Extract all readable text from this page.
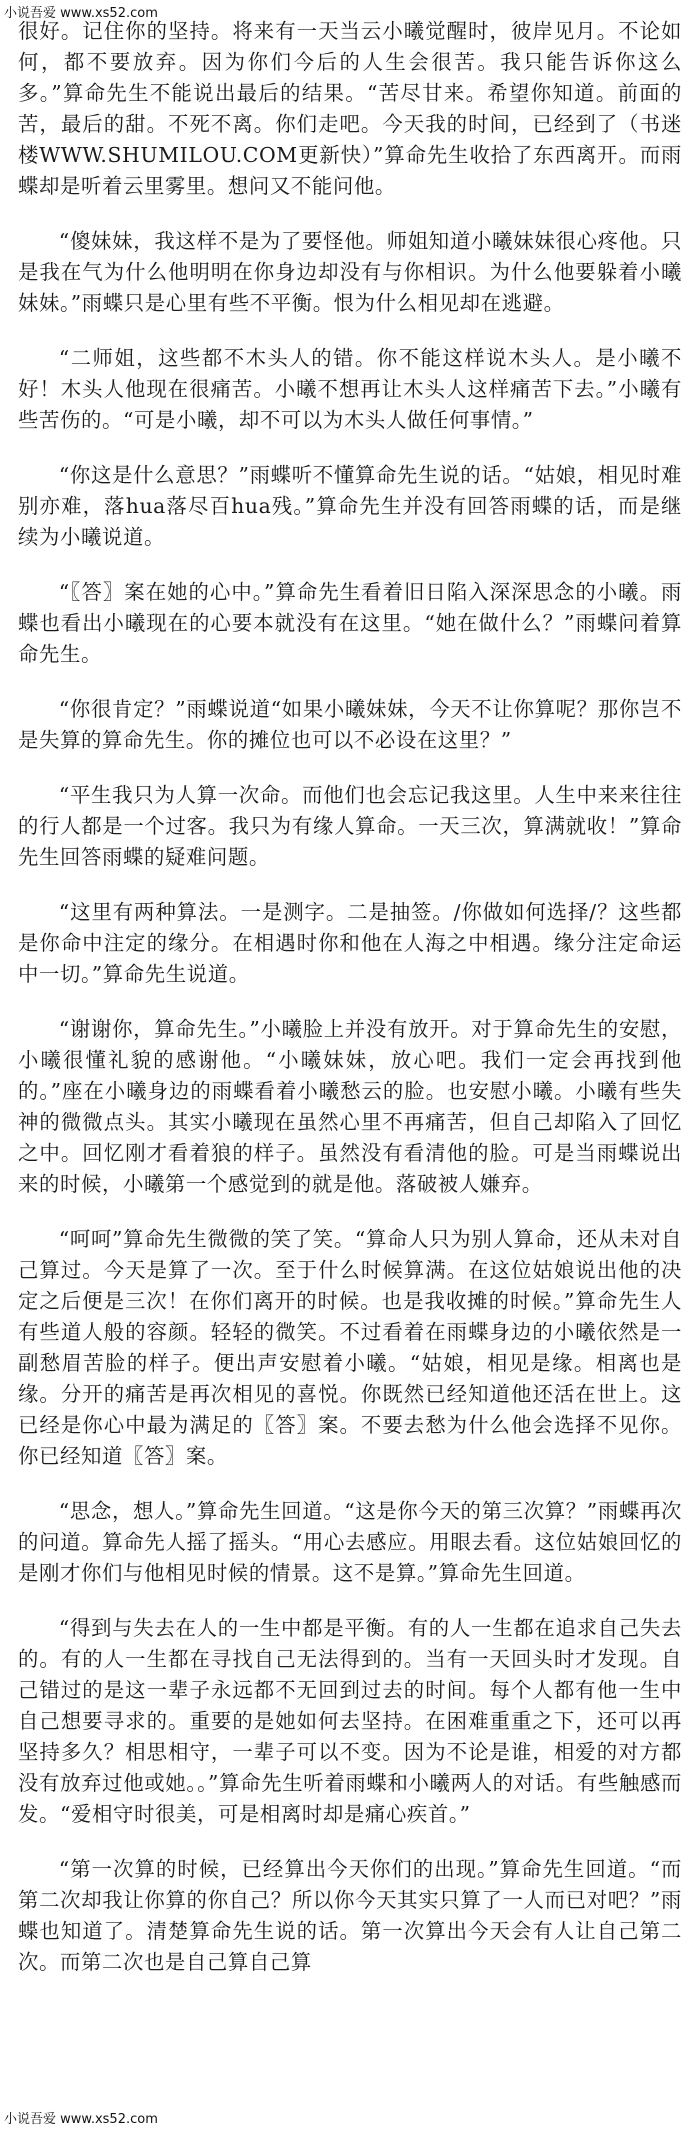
小说吾爱 www.xs52.com

很好。记住你的坚持。将来有一天当云小曦觉醒时，彼岸见月。不论如何，都不要放弃。因为你们今后的人生会很苦。我只能告诉你这么多。”算命先生不能说出最后的结果。“苦尽甘来。希望你知道。前面的苦，最后的甜。不死不离。你们走吧。今天我的时间，已经到了（书迷楼WWW.SHUMILOU.COM更新快）”算命先生收拾了东西离开。而雨蝶却是听着云里雾里。想问又不能问他。

“傻妹妹，我这样不是为了要怪他。师姐知道小曦妹妹很心疼他。只是我在气为什么他明明在你身边却没有与你相识。为什么他要躲着小曦妹妹。”雨蝶只是心里有些不平衡。恨为什么相见却在逃避。

“二师姐，这些都不木头人的错。你不能这样说木头人。是小曦不好！木头人他现在很痛苦。小曦不想再让木头人这样痛苦下去。”小曦有些苦伤的。“可是小曦，却不可以为木头人做任何事情。”

“你这是什么意思？”雨蝶听不懂算命先生说的话。“姑娘，相见时难别亦难，落hua落尽百hua残。”算命先生并没有回答雨蝶的话，而是继续为小曦说道。

“〖答〗案在她的心中。”算命先生看着旧日陷入深深思念的小曦。雨蝶也看出小曦现在的心要本就没有在这里。“她在做什么？”雨蝶问着算命先生。

“你很肯定？”雨蝶说道“如果小曦妹妹，今天不让你算呢？那你岂不是失算的算命先生。你的摊位也可以不必设在这里？”

“平生我只为人算一次命。而他们也会忘记我这里。人生中来来往往的行人都是一个过客。我只为有缘人算命。一天三次，算满就收！”算命先生回答雨蝶的疑难问题。

“这里有两种算法。一是测字。二是抽签。/你做如何选择/？这些都是你命中注定的缘分。在相遇时你和他在人海之中相遇。缘分注定命运中一切。”算命先生说道。

“谢谢你，算命先生。”小曦脸上并没有放开。对于算命先生的安慰，小曦很懂礼貌的感谢他。“小曦妹妹，放心吧。我们一定会再找到他的。”座在小曦身边的雨蝶看着小曦愁云的脸。也安慰小曦。小曦有些失神的微微点头。其实小曦现在虽然心里不再痛苦，但自己却陷入了回忆之中。回忆刚才看着狼的样子。虽然没有看清他的脸。可是当雨蝶说出来的时候，小曦第一个感觉到的就是他。落破被人嫌弃。

“呵呵”算命先生微微的笑了笑。“算命人只为别人算命，还从未对自己算过。今天是算了一次。至于什么时候算满。在这位姑娘说出他的决定之后便是三次！在你们离开的时候。也是我收摊的时候。”算命先生人有些道人般的容颜。轻轻的微笑。不过看着在雨蝶身边的小曦依然是一副愁眉苦脸的样子。便出声安慰着小曦。“姑娘，相见是缘。相离也是缘。分开的痛苦是再次相见的喜悦。你既然已经知道他还活在世上。这已经是你心中最为满足的〖答〗案。不要去愁为什么他会选择不见你。你已经知道〖答〗案。

“思念，想人。”算命先生回道。“这是你今天的第三次算？”雨蝶再次的问道。算命先人摇了摇头。“用心去感应。用眼去看。这位姑娘回忆的是刚才你们与他相见时候的情景。这不是算。”算命先生回道。

“得到与失去在人的一生中都是平衡。有的人一生都在追求自己失去的。有的人一生都在寻找自己无法得到的。当有一天回头时才发现。自己错过的是这一辈子永远都不无回到过去的时间。每个人都有他一生中自己想要寻求的。重要的是她如何去坚持。在困难重重之下，还可以再坚持多久？相思相守，一辈子可以不变。因为不论是谁，相爱的对方都没有放弃过他或她。。”算命先生听着雨蝶和小曦两人的对话。有些触感而发。“爱相守时很美，可是相离时却是痛心疾首。”

“第一次算的时候，已经算出今天你们的出现。”算命先生回道。“而第二次却我让你算的你自己？所以你今天其实只算了一人而已对吧？”雨蝶也知道了。清楚算命先生说的话。第一次算出今天会有人让自己第二次。而第二次也是自己算自己算

小说吾爱 www.xs52.com
